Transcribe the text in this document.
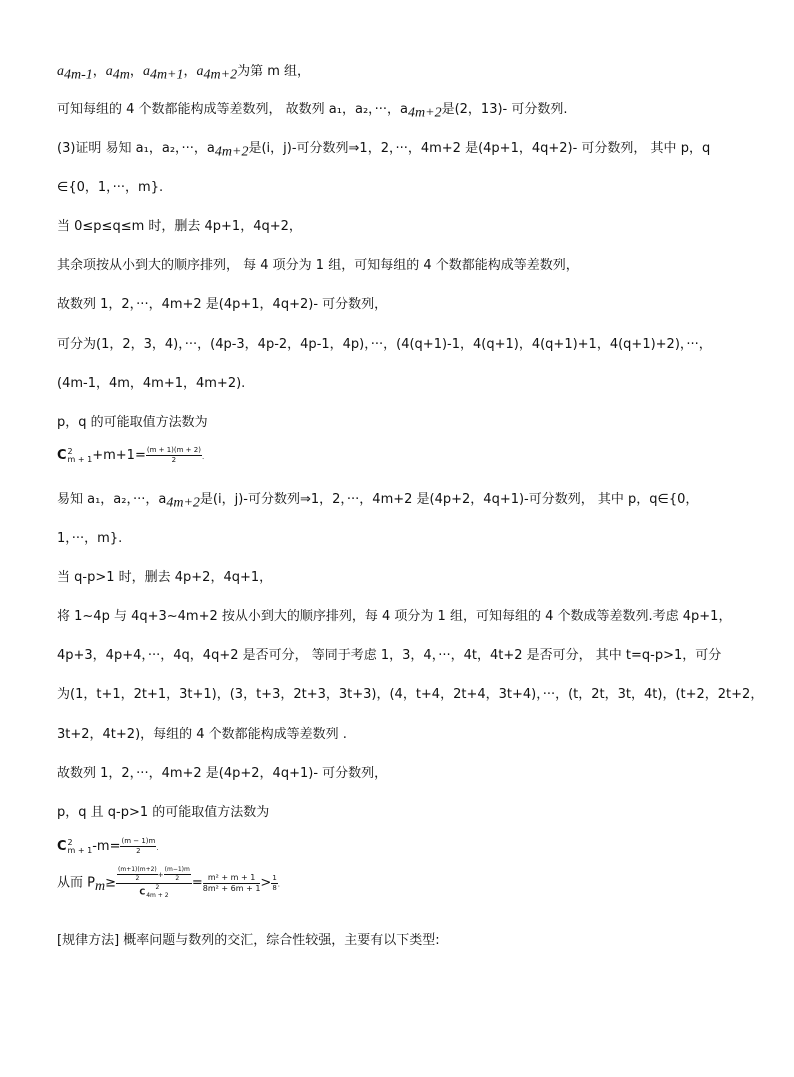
$a_{4m-1}$，$a_{4m}$，$a_{4m+1}$，$a_{4m+2}$为第 m 组，
可知每组的 4 个数都能构成等差数列， 故数列 a₁，a₂，···，$a_{4m+2}$是(2，13)- 可分数列.
(3)证明 易知 a₁，a₂，···，$a_{4m+2}$是(i，j)-可分数列⇒1，2，···，4m+2 是(4p+1，4q+2)- 可分数列， 其中 p，q
∈{0，1，···，m}.
当 0≤p≤q≤m 时，删去 4p+1，4q+2，
其余项按从小到大的顺序排列， 每 4 项分为 1 组，可知每组的 4 个数都能构成等差数列，
故数列 1，2，···，4m+2 是(4p+1，4q+2)- 可分数列，
可分为(1，2，3，4)，···，(4p-3，4p-2，4p-1，4p)，···，(4(q+1)-1，4(q+1)，4(q+1)+1，4(q+1)+2)，···，
(4m-1，4m，4m+1，4m+2).
p，q 的可能取值方法数为
C 2
$m + 1 +m+1= \frac{(m + 1)(m + 2)}{2}$ .
易知 a₁，a₂，···，$a_{4m+2}$是(i，j)-可分数列⇒1，2，···，4m+2 是(4p+2，4q+1)-可分数列， 其中 p，q∈{0，
1，···，m}.
当 q-p>1 时，删去 4p+2，4q+1，
将 1~4p 与 4q+3~4m+2 按从小到大的顺序排列，每 4 项分为 1 组，可知每组的 4 个数成等差数列.考虑 4p+1，
4p+3，4p+4，···，4q，4q+2 是否可分， 等同于考虑 1，3，4，···，4t，4t+2 是否可分， 其中 t=q-p>1，可分
为(1，t+1，2t+1，3t+1)，(3，t+3，2t+3，3t+3)，(4，t+4，2t+4，3t+4)，···，(t，2t，3t，4t)，(t+2，2t+2，
3t+2，4t+2)，每组的 4 个数都能构成等差数列 .
故数列 1，2，···，4m+2 是(4p+2，4q+1)- 可分数列，
p，q 且 q-p>1 的可能取值方法数为
C 2
m + 1 $-m= \frac{(m - 1)m}{2}$ .
从而 $P_m\ge \frac{(m+1)(m+2)}{2} + \frac{(m-1)m}{2}$
C	2
$4m + 2 = \frac{\text{m² + m + 1}}{\text{8m² + 6m + 1}} > \frac{1}{8}$ .
[规律方法] 概率问题与数列的交汇，综合性较强，主要有以下类型:
